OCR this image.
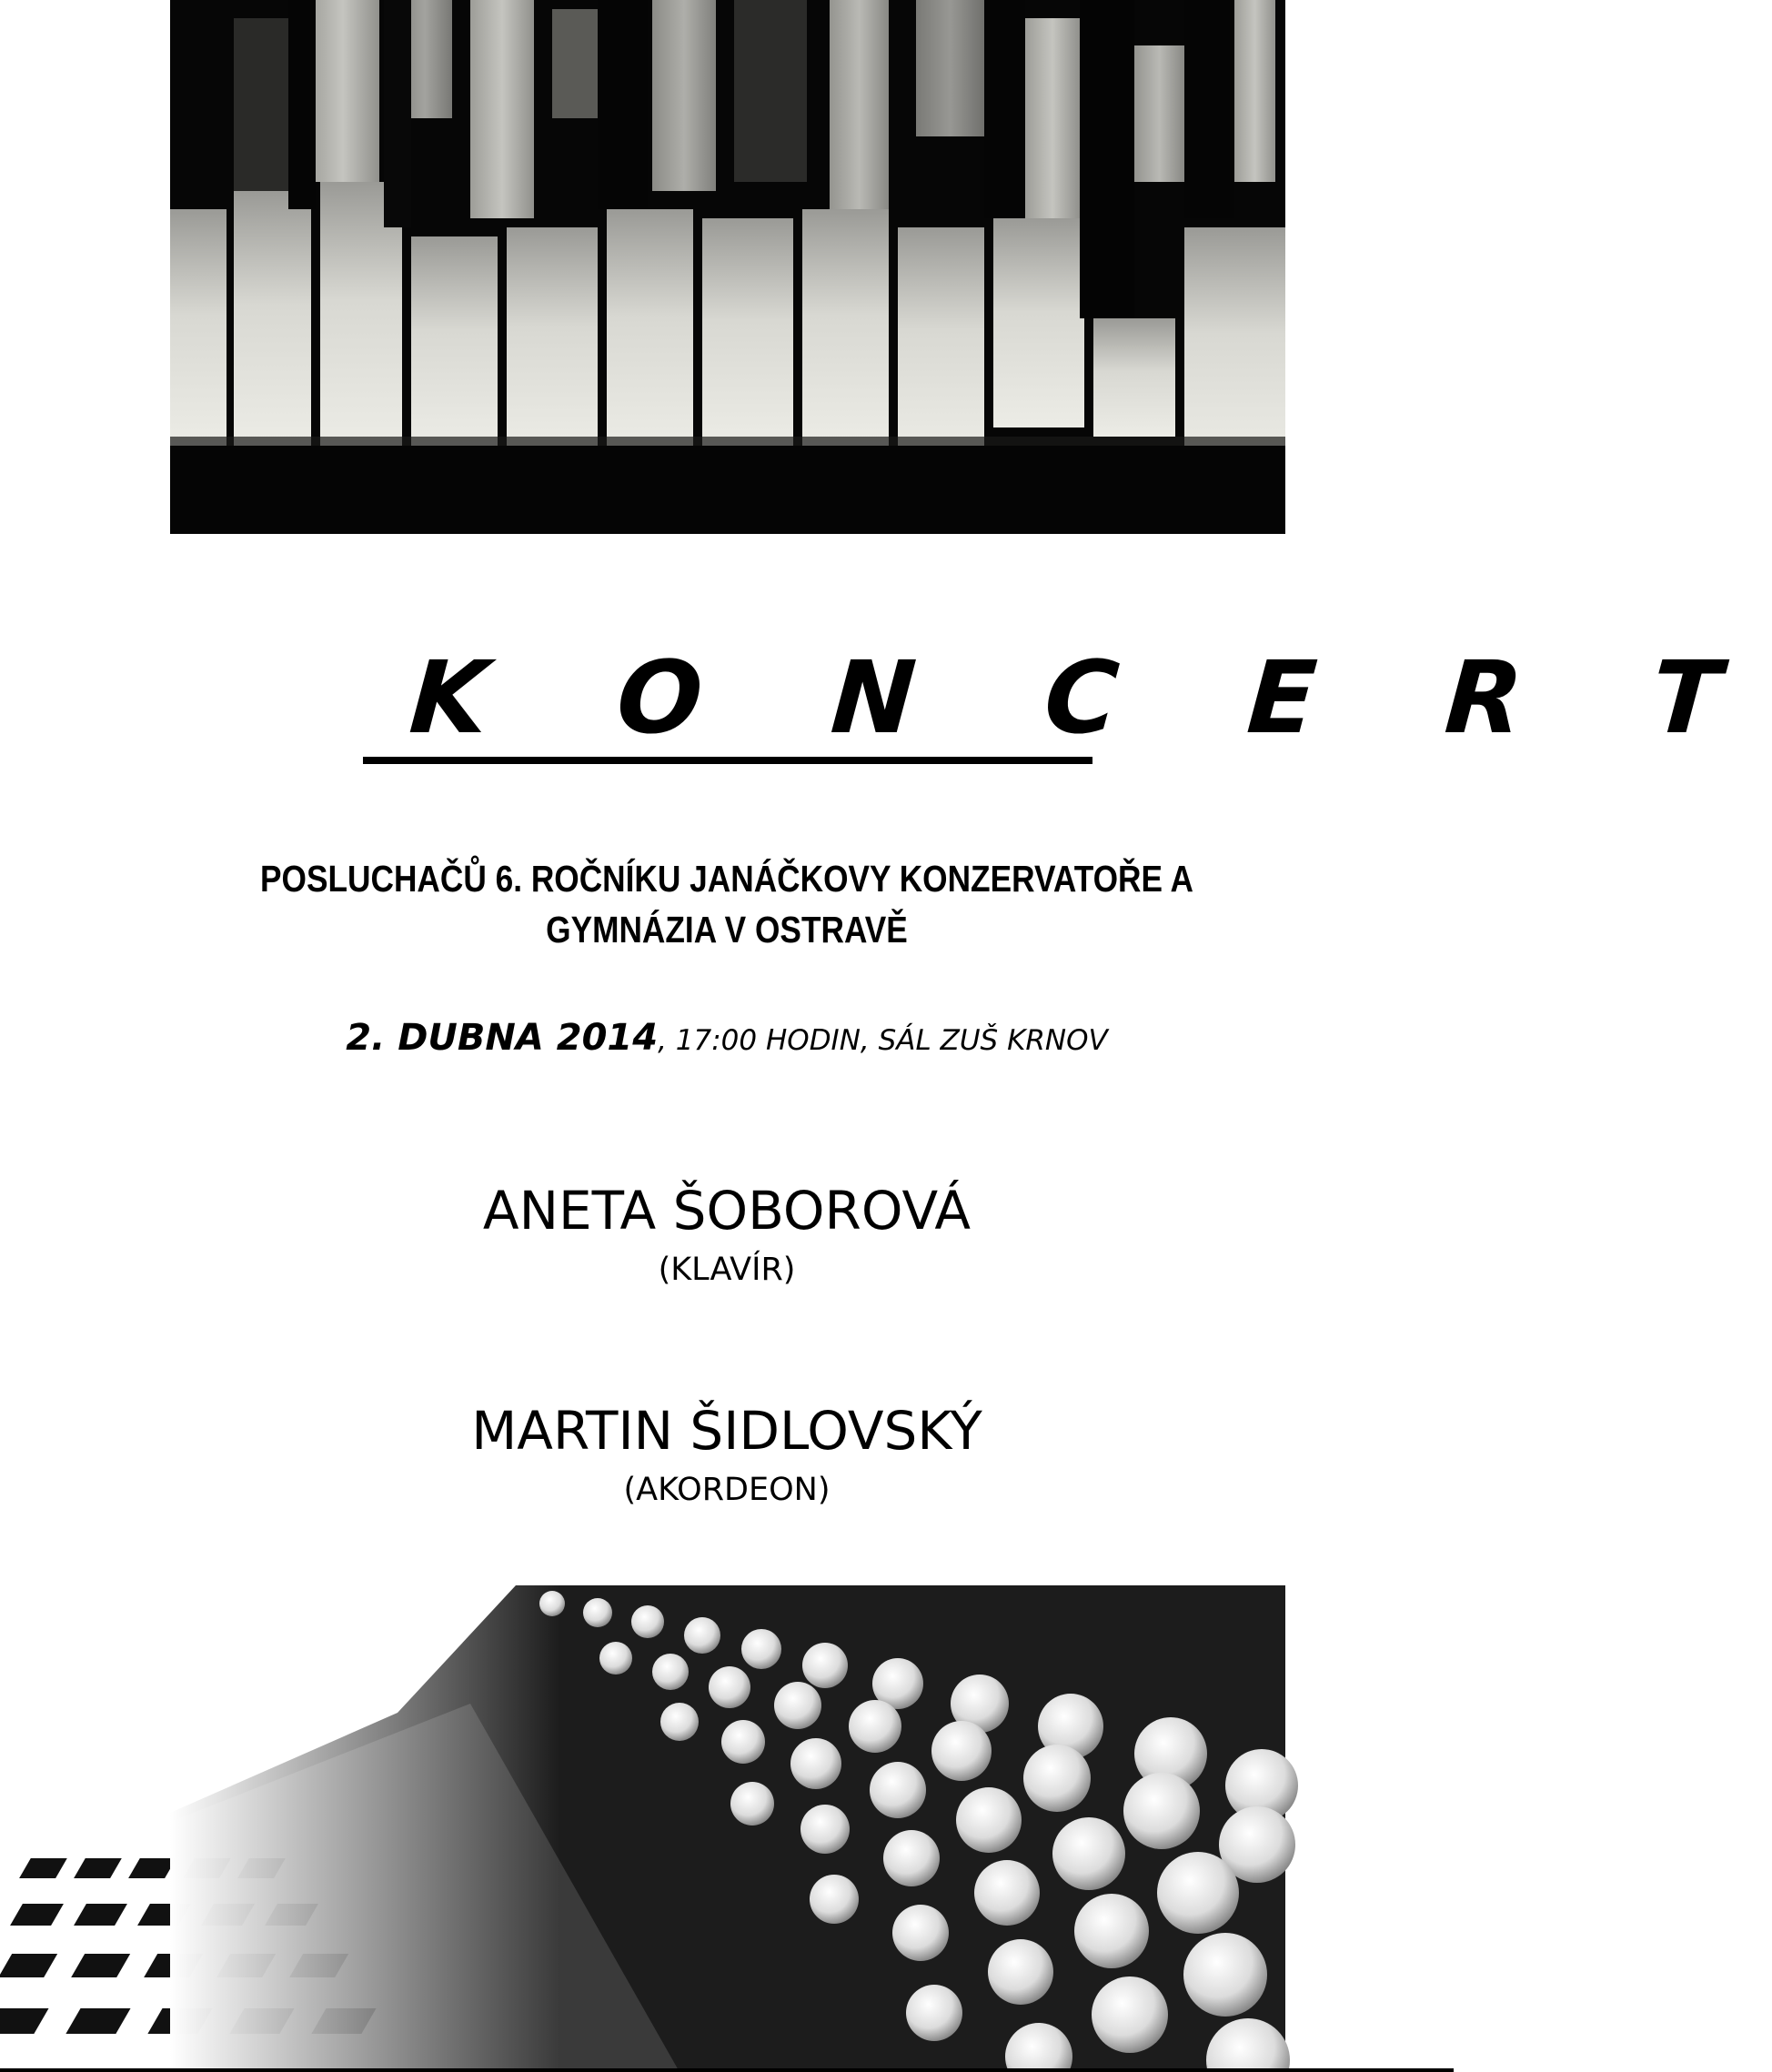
K O N C E R T
POSLUCHAČŮ 6. ROČNÍKU JANÁČKOVY KONZERVATOŘE A
GYMNÁZIA V OSTRAVĚ
2. DUBNA 2014, 17:00 HODIN, SÁL ZUŠ KRNOV
ANETA ŠOBOROVÁ
(KLAVÍR)
MARTIN ŠIDLOVSKÝ
(AKORDEON)
